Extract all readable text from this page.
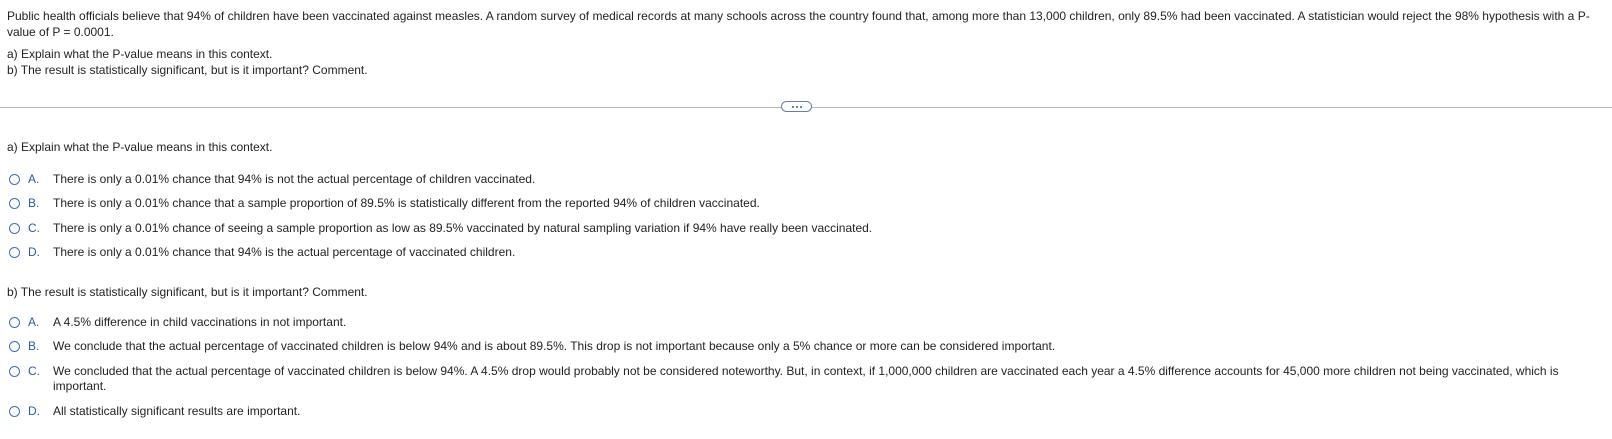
Public health officials believe that 94% of children have been vaccinated against measles. A random survey of medical records at many schools across the country found that, among more than 13,000 children, only 89.5% had been vaccinated. A statistician would reject the 98% hypothesis with a P-value of P = 0.0001.
a) Explain what the P-value means in this context.
b) The result is statistically significant, but is it important? Comment.
a) Explain what the P-value means in this context.
A.	There is only a 0.01% chance that 94% is not the actual percentage of children vaccinated.
B.	There is only a 0.01% chance that a sample proportion of 89.5% is statistically different from the reported 94% of children vaccinated.
C.	There is only a 0.01% chance of seeing a sample proportion as low as 89.5% vaccinated by natural sampling variation if 94% have really been vaccinated.
D.	There is only a 0.01% chance that 94% is the actual percentage of vaccinated children.
b) The result is statistically significant, but is it important? Comment.
A.	A 4.5% difference in child vaccinations in not important.
B.	We conclude that the actual percentage of vaccinated children is below 94% and is about 89.5%. This drop is not important because only a 5% chance or more can be considered important.
C.	We concluded that the actual percentage of vaccinated children is below 94%. A 4.5% drop would probably not be considered noteworthy. But, in context, if 1,000,000 children are vaccinated each year a 4.5% difference accounts for 45,000 more children not being vaccinated, which is important.
D.	All statistically significant results are important.
